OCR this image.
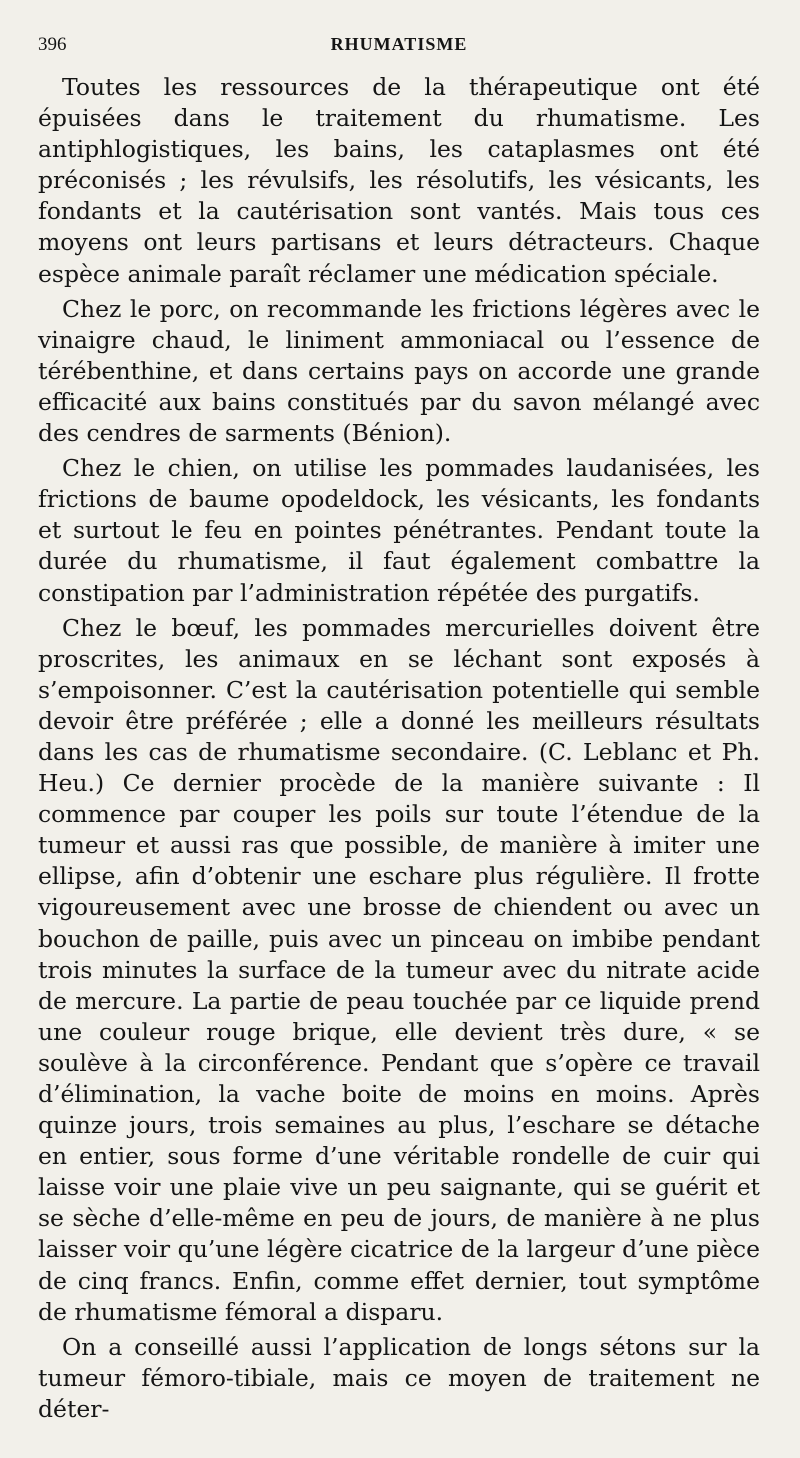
396	RHUMATISME

Toutes les ressources de la thérapeutique ont été épuisées dans le traitement du rhumatisme. Les antiphlogistiques, les bains, les cataplasmes ont été préconisés ; les révulsifs, les résolutifs, les vésicants, les fondants et la cautérisation sont vantés. Mais tous ces moyens ont leurs partisans et leurs détracteurs. Chaque espèce animale paraît réclamer une médication spéciale.

Chez le porc, on recommande les frictions légères avec le vinaigre chaud, le liniment ammoniacal ou l’essence de térébenthine, et dans certains pays on accorde une grande efficacité aux bains constitués par du savon mélangé avec des cendres de sarments (Bénion).

Chez le chien, on utilise les pommades laudanisées, les frictions de baume opodeldock, les vésicants, les fondants et surtout le feu en pointes pénétrantes. Pendant toute la durée du rhumatisme, il faut également combattre la constipation par l’administration répétée des purgatifs.

Chez le bœuf, les pommades mercurielles doivent être proscrites, les animaux en se léchant sont exposés à s’empoisonner. C’est la cautérisation potentielle qui semble devoir être préférée ; elle a donné les meilleurs résultats dans les cas de rhumatisme secondaire. (C. Leblanc et Ph. Heu.) Ce dernier procède de la manière suivante : Il commence par couper les poils sur toute l’étendue de la tumeur et aussi ras que possible, de manière à imiter une ellipse, afin d’obtenir une eschare plus régulière. Il frotte vigoureusement avec une brosse de chiendent ou avec un bouchon de paille, puis avec un pinceau on imbibe pendant trois minutes la surface de la tumeur avec du nitrate acide de mercure. La partie de peau touchée par ce liquide prend une couleur rouge brique, elle devient très dure, « se soulève à la circonférence. Pendant que s’opère ce travail d’élimination, la vache boite de moins en moins. Après quinze jours, trois semaines au plus, l’eschare se détache en entier, sous forme d’une véritable rondelle de cuir qui laisse voir une plaie vive un peu saignante, qui se guérit et se sèche d’elle-même en peu de jours, de manière à ne plus laisser voir qu’une légère cicatrice de la largeur d’une pièce de cinq francs. Enfin, comme effet dernier, tout symptôme de rhumatisme fémoral a disparu.

On a conseillé aussi l’application de longs sétons sur la tumeur fémoro-tibiale, mais ce moyen de traitement ne déter-
